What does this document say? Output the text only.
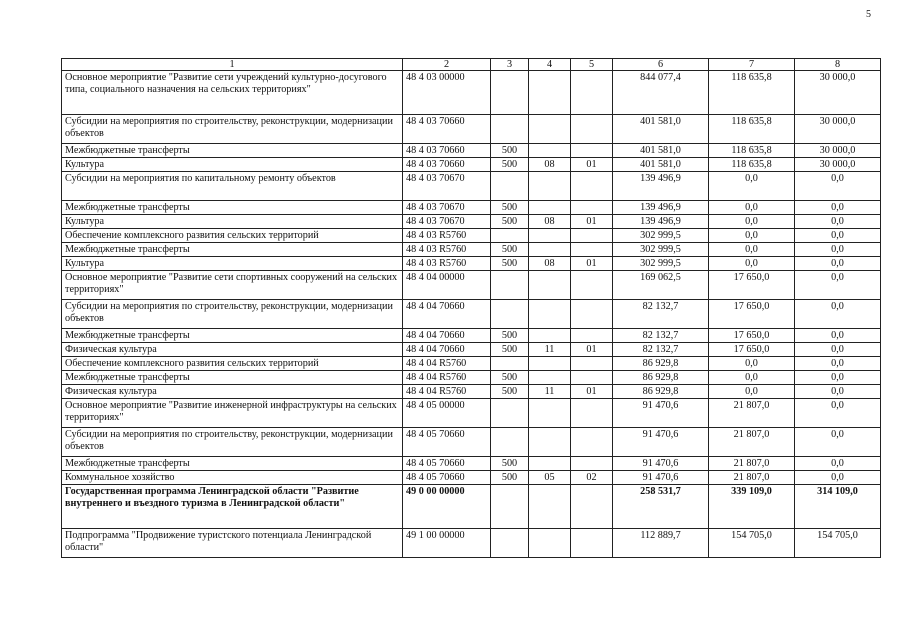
5
1	2	3	4	5	6	7	8
Основное мероприятие "Развитие сети учреждений культурно-досугового типа, социального назначения на сельских территориях"	48 4 03 00000				844 077,4	118 635,8	30 000,0
Субсидии на мероприятия по строительству, реконструкции, модернизации объектов	48 4 03 70660				401 581,0	118 635,8	30 000,0
Межбюджетные трансферты	48 4 03 70660	500			401 581,0	118 635,8	30 000,0
Культура	48 4 03 70660	500	08	01	401 581,0	118 635,8	30 000,0
Субсидии на мероприятия по капитальному ремонту объектов	48 4 03 70670				139 496,9	0,0	0,0
Межбюджетные трансферты	48 4 03 70670	500			139 496,9	0,0	0,0
Культура	48 4 03 70670	500	08	01	139 496,9	0,0	0,0
Обеспечение комплексного развития сельских территорий	48 4 03 R5760				302 999,5	0,0	0,0
Межбюджетные трансферты	48 4 03 R5760	500			302 999,5	0,0	0,0
Культура	48 4 03 R5760	500	08	01	302 999,5	0,0	0,0
Основное мероприятие "Развитие сети спортивных сооружений на сельских территориях"	48 4 04 00000				169 062,5	17 650,0	0,0
Субсидии на мероприятия по строительству, реконструкции, модернизации объектов	48 4 04 70660				82 132,7	17 650,0	0,0
Межбюджетные трансферты	48 4 04 70660	500			82 132,7	17 650,0	0,0
Физическая культура	48 4 04 70660	500	11	01	82 132,7	17 650,0	0,0
Обеспечение комплексного развития сельских территорий	48 4 04 R5760				86 929,8	0,0	0,0
Межбюджетные трансферты	48 4 04 R5760	500			86 929,8	0,0	0,0
Физическая культура	48 4 04 R5760	500	11	01	86 929,8	0,0	0,0
Основное мероприятие "Развитие инженерной инфраструктуры на сельских территориях"	48 4 05 00000				91 470,6	21 807,0	0,0
Субсидии на мероприятия по строительству, реконструкции, модернизации объектов	48 4 05 70660				91 470,6	21 807,0	0,0
Межбюджетные трансферты	48 4 05 70660	500			91 470,6	21 807,0	0,0
Коммунальное хозяйство	48 4 05 70660	500	05	02	91 470,6	21 807,0	0,0
Государственная программа Ленинградской области "Развитие внутреннего и въездного туризма в Ленинградской области"	49 0 00 00000				258 531,7	339 109,0	314 109,0
Подпрограмма "Продвижение туристского потенциала Ленинградской области"	49 1 00 00000				112 889,7	154 705,0	154 705,0
